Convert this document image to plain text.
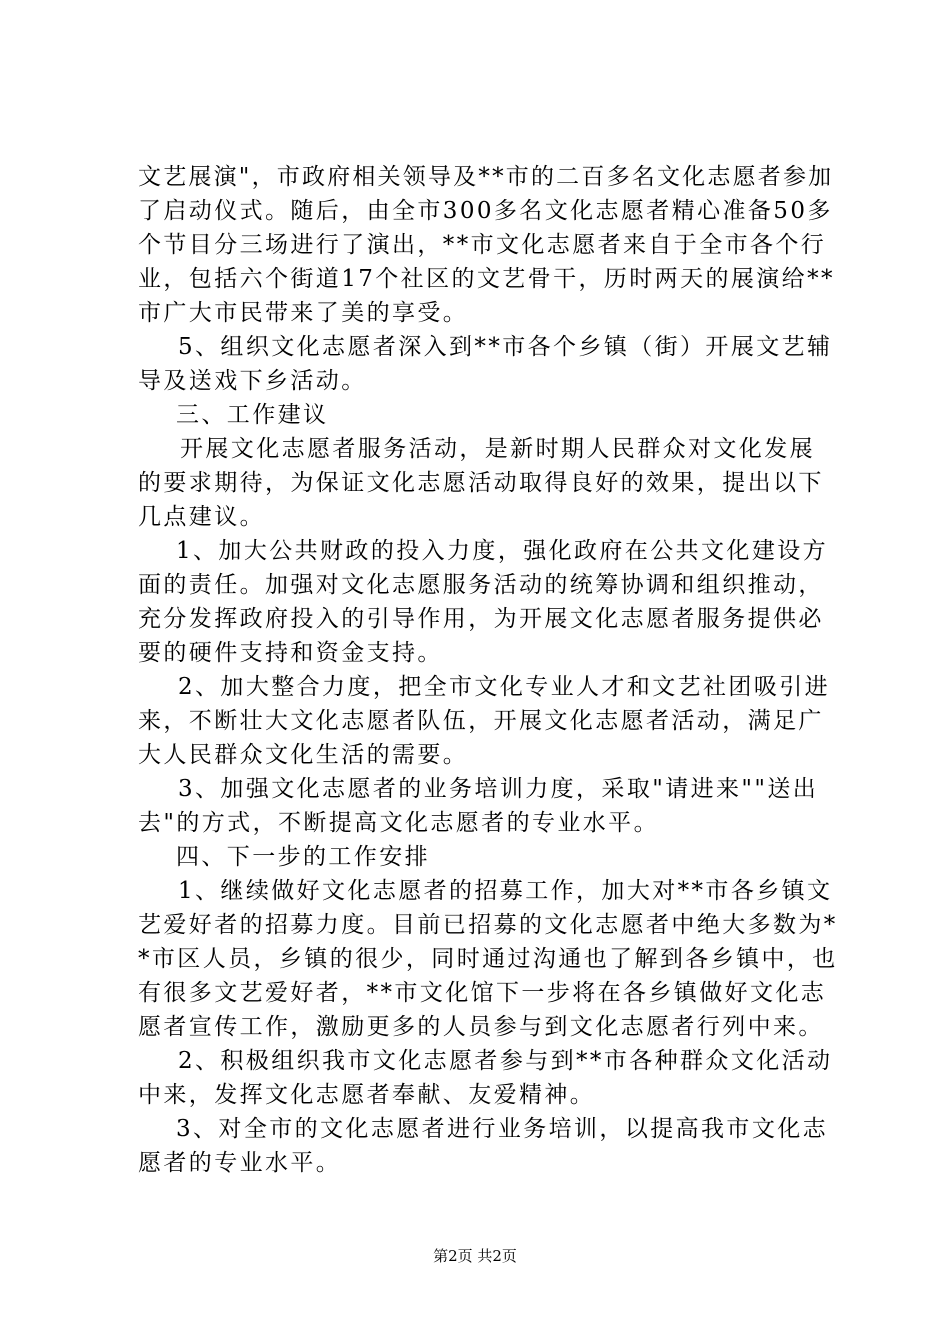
文艺展演"，市政府相关领导及**市的二百多名文化志愿者参加
了启动仪式。随后，由全市300多名文化志愿者精心准备50多
个节目分三场进行了演出，**市文化志愿者来自于全市各个行
业，包括六个街道17个社区的文艺骨干，历时两天的展演给**
市广大市民带来了美的享受。
5、组织文化志愿者深入到**市各个乡镇（街）开展文艺辅
导及送戏下乡活动。
三、工作建议
开展文化志愿者服务活动，是新时期人民群众对文化发展
的要求期待，为保证文化志愿活动取得良好的效果，提出以下
几点建议。
1、加大公共财政的投入力度，强化政府在公共文化建设方
面的责任。加强对文化志愿服务活动的统筹协调和组织推动，
充分发挥政府投入的引导作用，为开展文化志愿者服务提供必
要的硬件支持和资金支持。
2、加大整合力度，把全市文化专业人才和文艺社团吸引进
来，不断壮大文化志愿者队伍，开展文化志愿者活动，满足广
大人民群众文化生活的需要。
3、加强文化志愿者的业务培训力度，采取"请进来""送出
去"的方式，不断提高文化志愿者的专业水平。
四、下一步的工作安排
1、继续做好文化志愿者的招募工作，加大对**市各乡镇文
艺爱好者的招募力度。目前已招募的文化志愿者中绝大多数为*
*市区人员，乡镇的很少，同时通过沟通也了解到各乡镇中，也
有很多文艺爱好者，**市文化馆下一步将在各乡镇做好文化志
愿者宣传工作，激励更多的人员参与到文化志愿者行列中来。
2、积极组织我市文化志愿者参与到**市各种群众文化活动
中来，发挥文化志愿者奉献、友爱精神。
3、对全市的文化志愿者进行业务培训，以提高我市文化志
愿者的专业水平。
第2页 共2页
